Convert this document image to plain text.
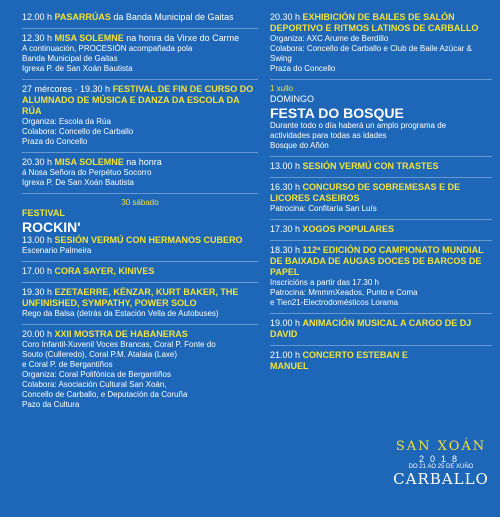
12.00 h PASARRÚAS da Banda Municipal de Gaitas
12.30 h MISA SOLEMNE na honra da Virxe do Carme
A continuación, PROCESIÓN acompañada pola
Banda Municipal de Gaitas
Igrexa P. de San Xoán Bautista
27 mércores · 19.30 h FESTIVAL DE FIN DE CURSO DO ALUMNADO DE MÚSICA E DANZA DA ESCOLA DA RÚA
Organiza: Escola da Rúa
Colabora: Concello de Carballo
Praza do Concello
20.30 h MISA SOLEMNE na honra
á Nosa Señora do Perpétuo Socorro
Igrexa P. De San Xoán Bautista
30 sábado
FESTIVAL
ROCKIN'
13.00 h SESIÓN VERMÚ CON HERMANOS CUBERO
Escenario Palmeira
17.00 h CORA SAYER, KINIVES
19.30 h EZETAERRE, KËNZAR, KURT BAKER, THE UNFINISHED, SYMPATHY, POWER SOLO
Rego da Balsa (detrás da Estación Vella de Autobuses)
20.00 h XXII MOSTRA DE HABANERAS
Coro Infantil-Xuvenil Voces Brancas, Coral P. Fonte do
Souto (Culleredo), Coral P.M. Atalaia (Laxe)
e Coral P. de Bergantiños
Organiza: Coral Polifónica de Bergantiños
Colabora: Asociación Cultural San Xoán,
Concello de Carballo, e Deputación da Coruña
Pazo da Cultura
20.30 h EXHIBICIÓN DE BAILES DE SALÓN DEPORTIVO E RITMOS LATINOS DE CARBALLO
Organiza: AXC Arume de Berdillo
Colabora: Concello de Carballo e Club de Baile Azúcar &
Swing
Praza do Concello
1 xullo
DOMINGO
FESTA DO BOSQUE
Durante todo o día haberá un amplo programa de
actividades para todas as idades
Bosque do Añón
13.00 h SESIÓN VERMÚ CON TRASTES
16.30 h CONCURSO DE SOBREMESAS E DE LICORES CASEIROS
Patrocina: Confitaría San Luís
17.30 h XOGOS POPULARES
18.30 h 112ª EDICIÓN DO CAMPIONATO MUNDIAL DE BAIXADA DE AUGAS DOCES DE BARCOS DE PAPEL
Inscricións a partir das 17.30 h
Patrocina: MmmmXeados, Punto e Coma
e Tien21-Electrodomésticos Lorama
19.00 h ANIMACIÓN MUSICAL A CARGO DE DJ DAVID
21.00 h CONCERTO ESTEBAN E MANUEL
SAN XOÁN
2018
DO 21 AO 25 DE XUÑO
CARBALLO
